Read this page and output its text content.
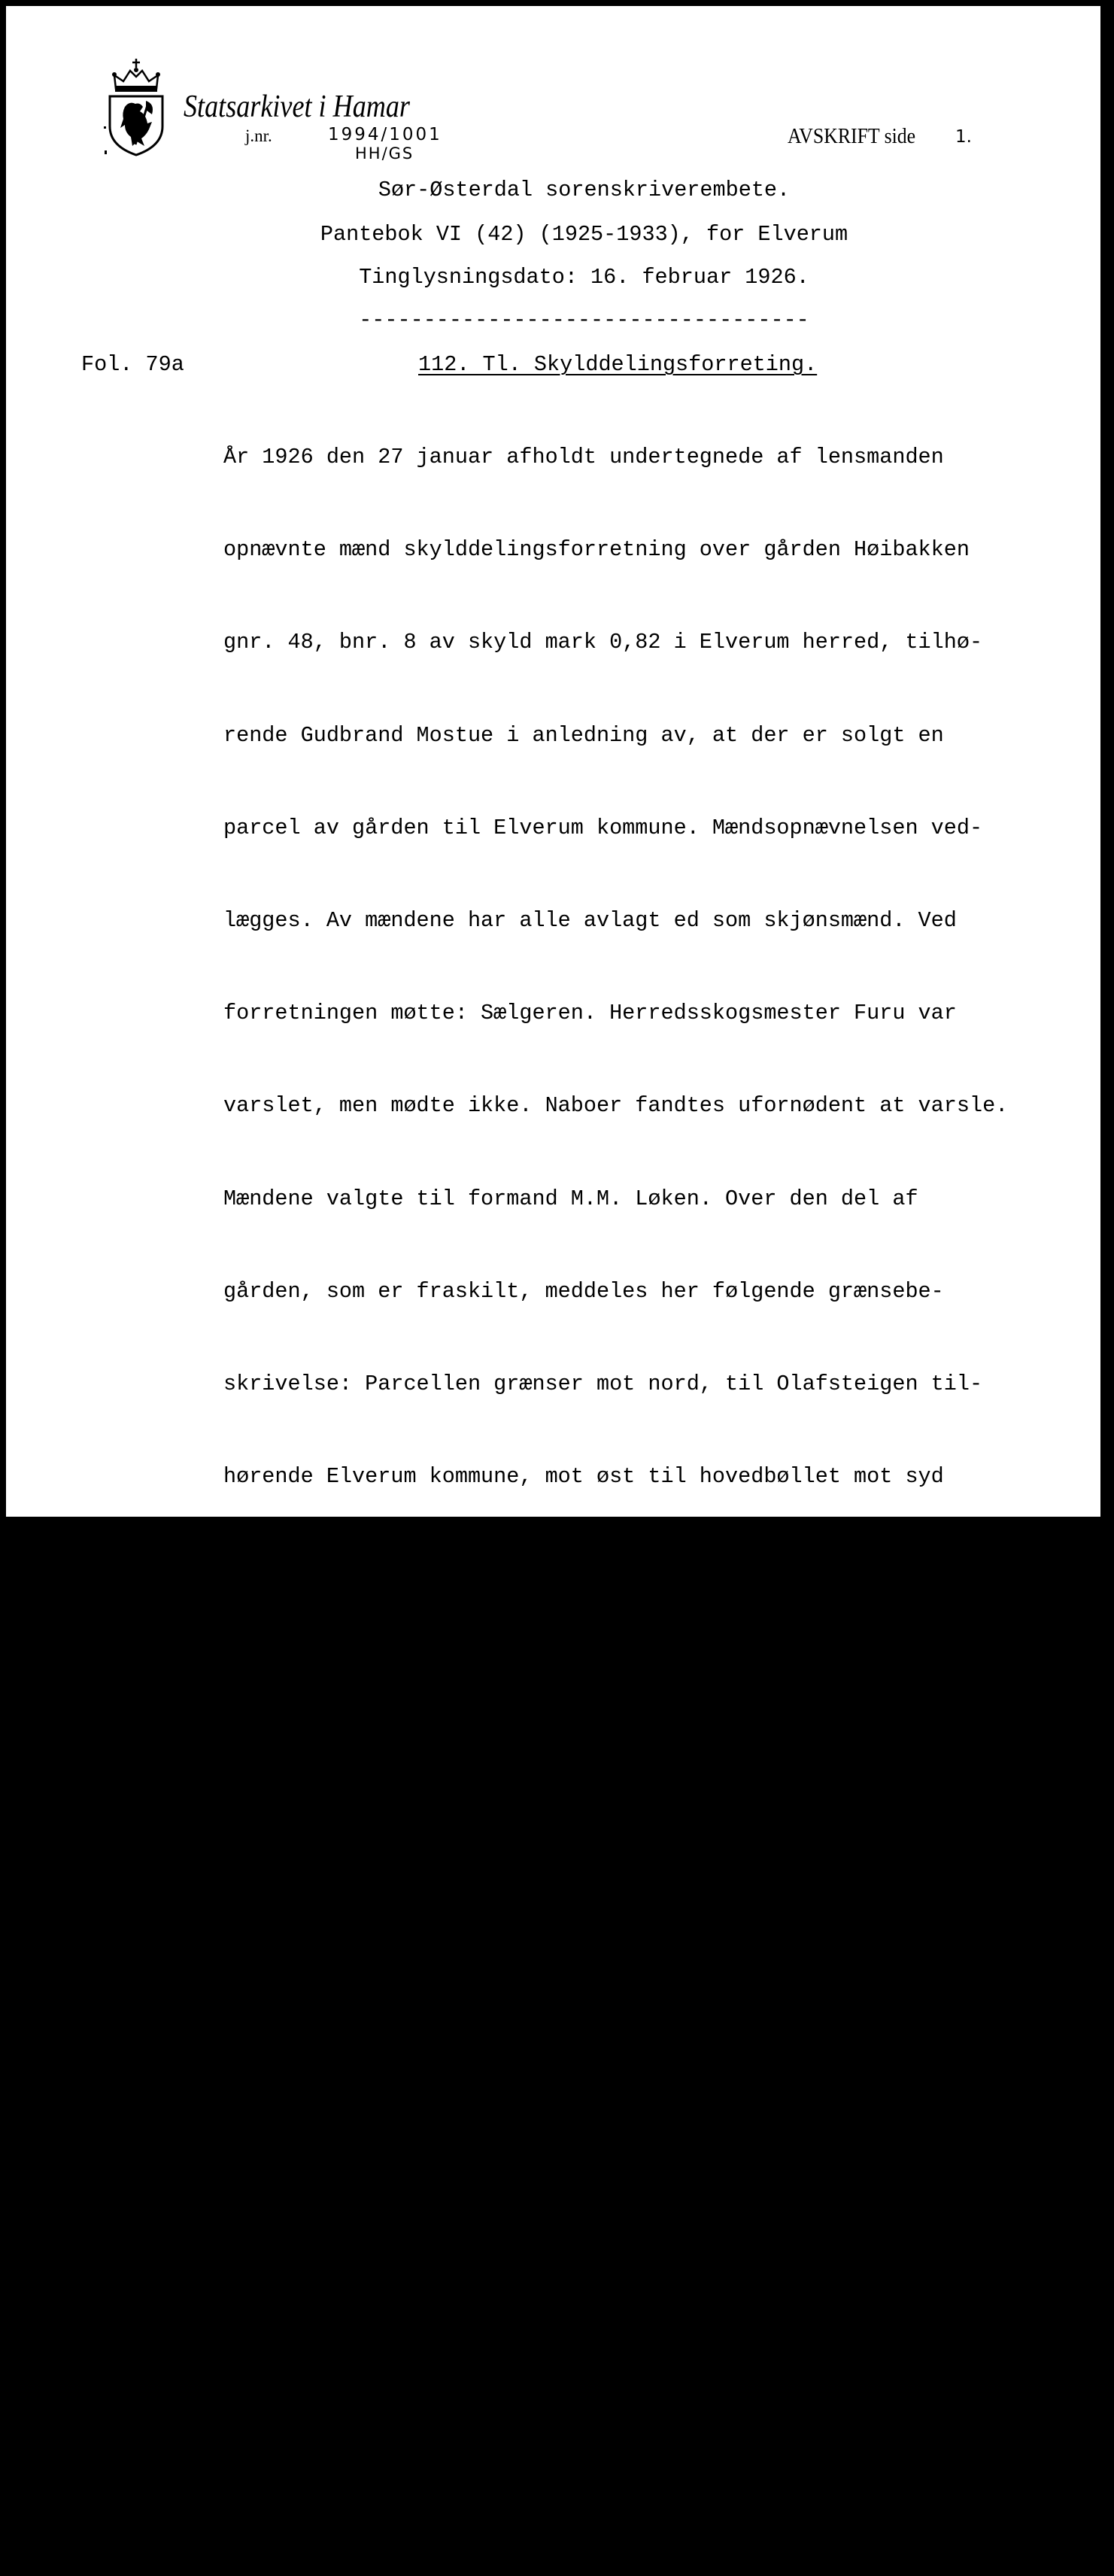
Statsarkivet i Hamar
j.nr.	1994/1001
HH/GS
AVSKRIFT side 1.
Sør-Østerdal sorenskriverembete.
Pantebok VI (42) (1925-1933), for Elverum
Tinglysningsdato: 16. februar 1926.
-----------------------------------
Fol. 79a	112. Tl. Skylddelingsforreting.

År 1926 den 27 januar afholdt undertegnede af lensmanden

opnævnte mænd skylddelingsforretning over gården Høibakken

gnr. 48, bnr. 8 av skyld mark 0,82 i Elverum herred, tilhø-

rende Gudbrand Mostue i anledning av, at der er solgt en

parcel av gården til Elverum kommune. Mændsopnævnelsen ved-

lægges. Av mændene har alle avlagt ed som skjønsmænd. Ved

forretningen møtte: Sælgeren. Herredsskogsmester Furu var

varslet, men mødte ikke. Naboer fandtes ufornødent at varsle.

Mændene valgte til formand M.M. Løken. Over den del af

gården, som er fraskilt, meddeles her følgende grænsebe-

skrivelse: Parcellen grænser mot nord, til Olafsteigen til-

hørende Elverum kommune, mot øst til hovedbøllet mot syd

Helseth skog og mot vest Helseth jorde. Grænsen dannes til

alle sider av tydelige skogslinier og nedsatte mærkestene

1. Omfatter den eiendom, som deles jordbruk med skog ? Ja.

2. Får hvert av de ved delingen fremkomne jordbruk den til

husbehov og gårdsfornødenhet nødvendige skog ? Ja.

3. Omfatter den eiendom, som deles, jordbruk med fjeldstræk-

ning, herunder fjeldvand, eller bækker ? Nei.

7. Eller deles eiendommen i henhold til § 14 i lov om odels-

og aasædesretten av 26 juni 1821 ? Nei. Det bevidnes: a) At

det ved delingen nyt fællesskap ikke er stiftet. Dog har vi

samtykket i, at av utmarken - kan benyttes i fællesskap av -
